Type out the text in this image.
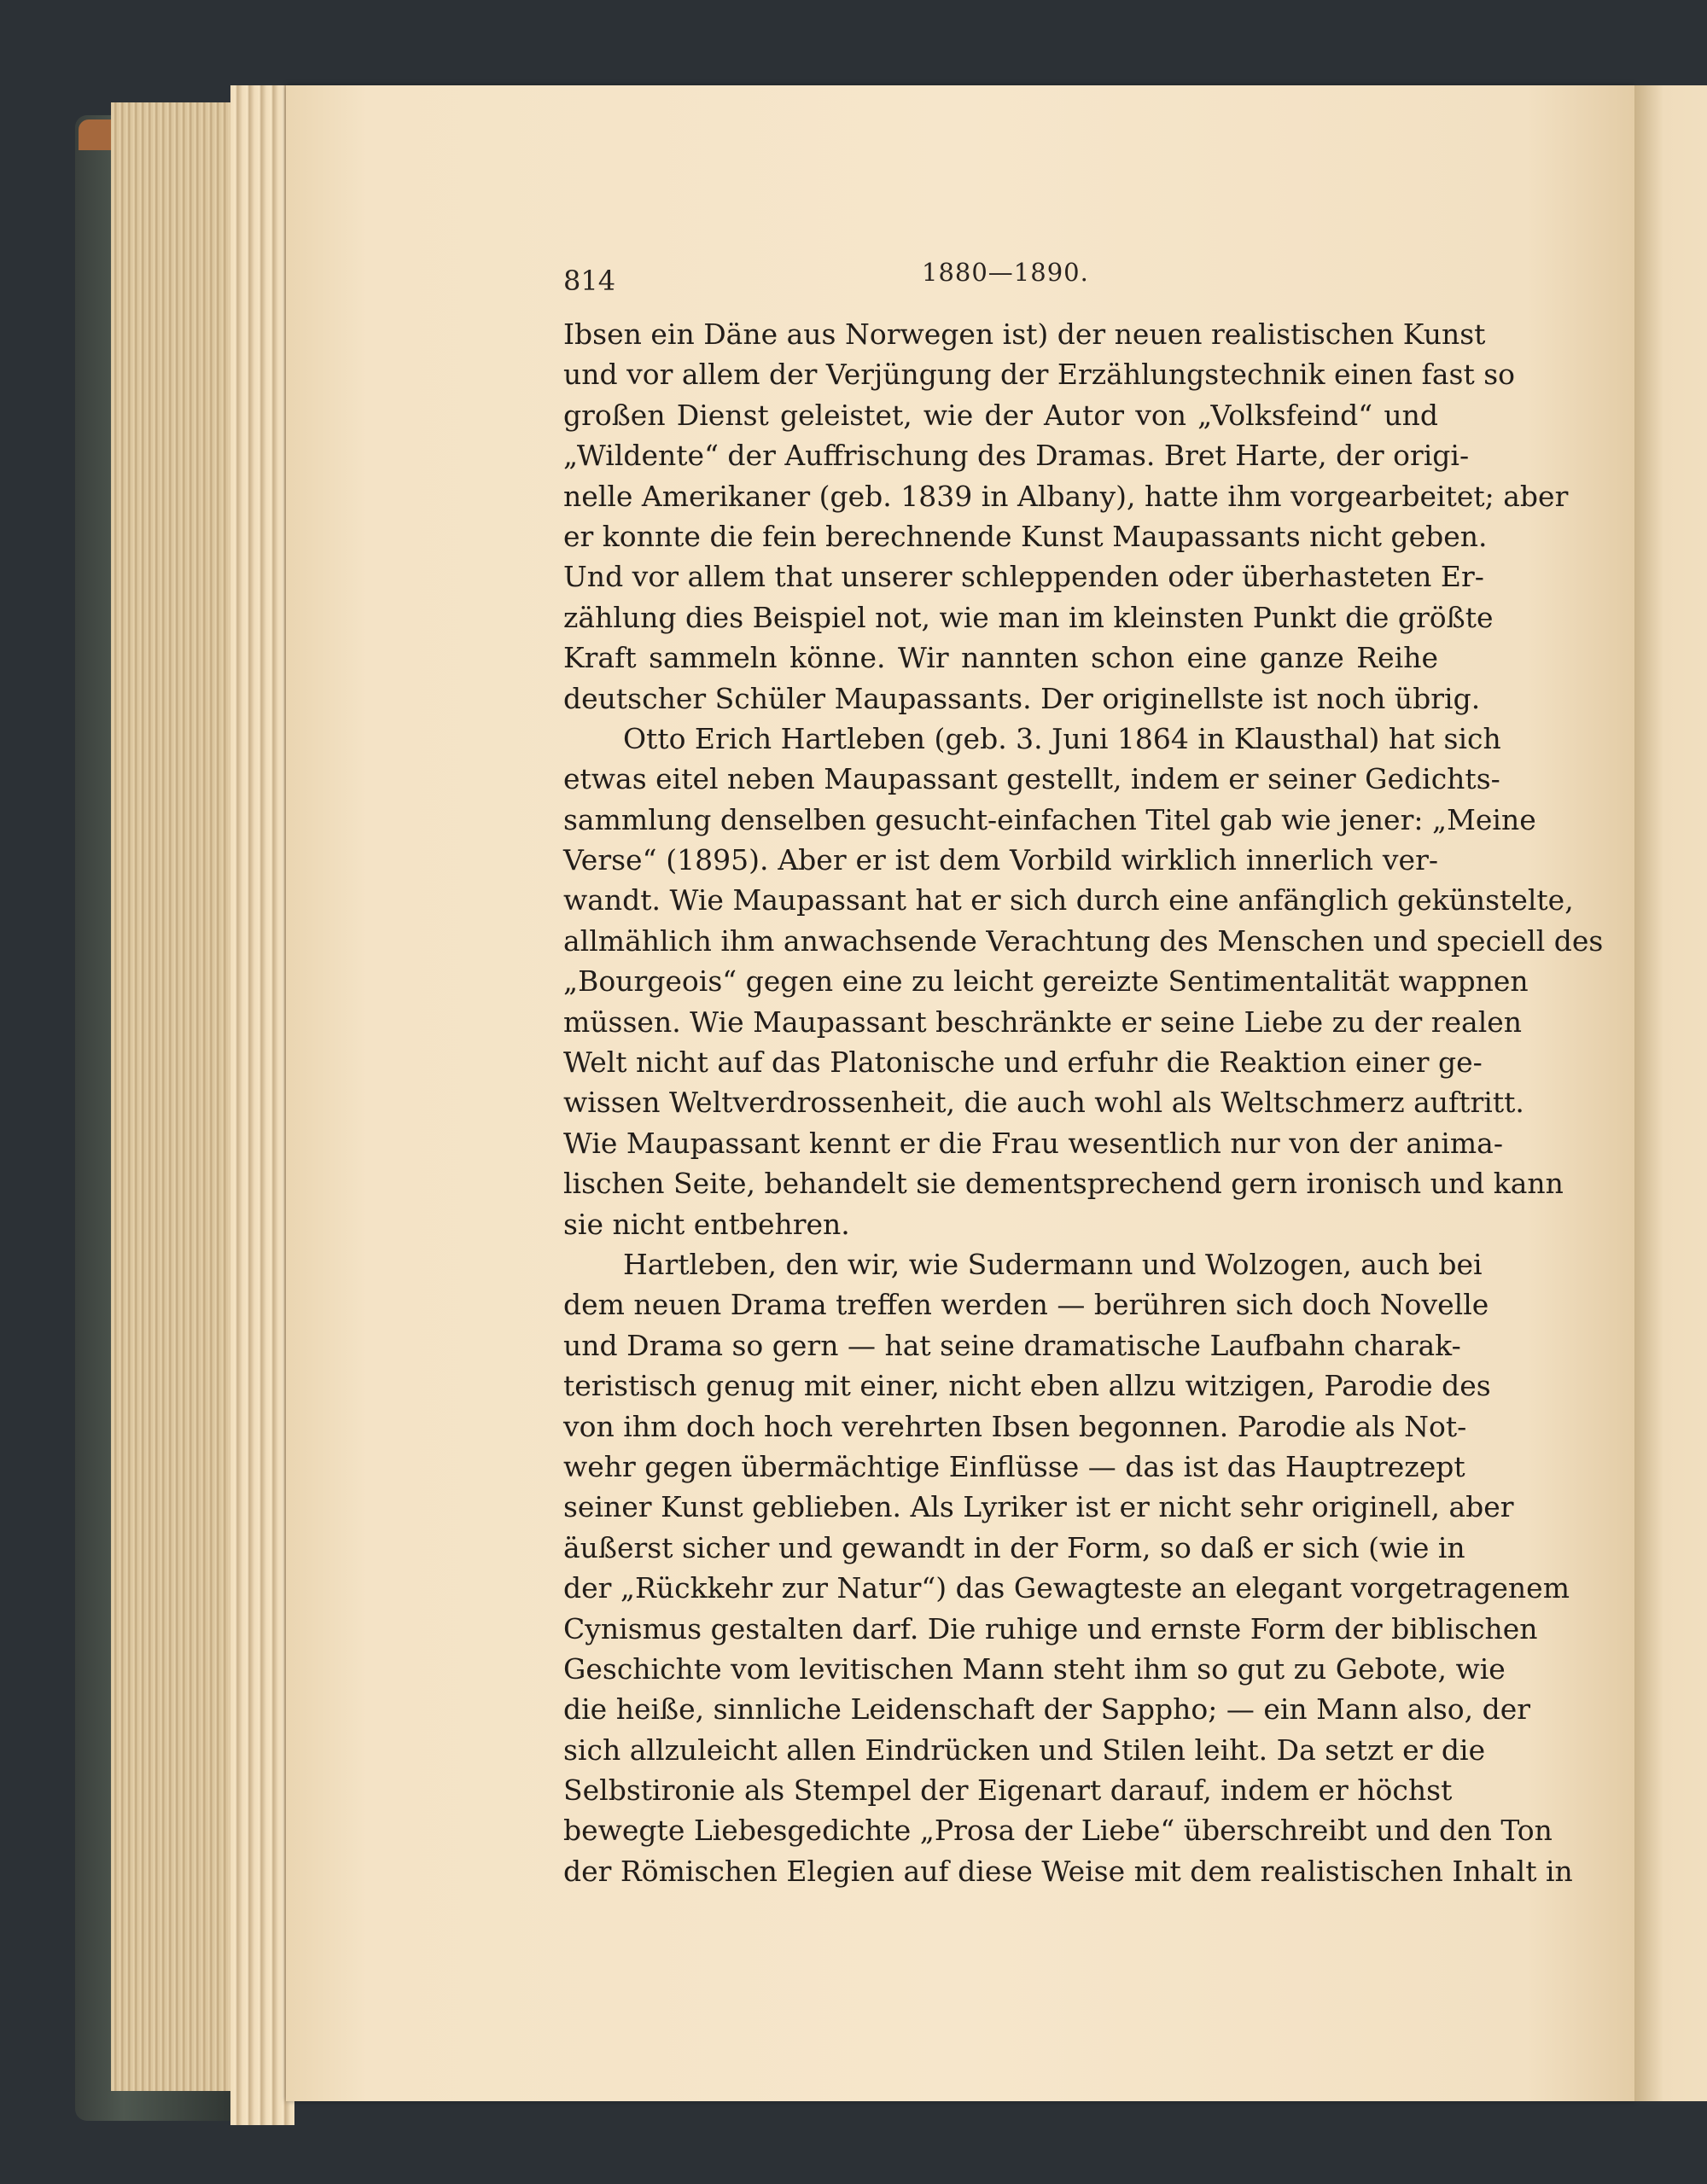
814	1880—1890.
Ibsen ein Däne aus Norwegen ist) der neuen realistischen Kunst
und vor allem der Verjüngung der Erzählungstechnik einen fast so
großen Dienst geleistet, wie der Autor von „Volksfeind“ und
„Wildente“ der Auffrischung des Dramas. Bret Harte, der origi-
nelle Amerikaner (geb. 1839 in Albany), hatte ihm vorgearbeitet; aber
er konnte die fein berechnende Kunst Maupassants nicht geben.
Und vor allem that unserer schleppenden oder überhasteten Er-
zählung dies Beispiel not, wie man im kleinsten Punkt die größte
Kraft sammeln könne. Wir nannten schon eine ganze Reihe
deutscher Schüler Maupassants. Der originellste ist noch übrig.
Otto Erich Hartleben (geb. 3. Juni 1864 in Klausthal) hat sich
etwas eitel neben Maupassant gestellt, indem er seiner Gedichts-
sammlung denselben gesucht-einfachen Titel gab wie jener: „Meine
Verse“ (1895). Aber er ist dem Vorbild wirklich innerlich ver-
wandt. Wie Maupassant hat er sich durch eine anfänglich gekünstelte,
allmählich ihm anwachsende Verachtung des Menschen und speciell des
„Bourgeois“ gegen eine zu leicht gereizte Sentimentalität wappnen
müssen. Wie Maupassant beschränkte er seine Liebe zu der realen
Welt nicht auf das Platonische und erfuhr die Reaktion einer ge-
wissen Weltverdrossenheit, die auch wohl als Weltschmerz auftritt.
Wie Maupassant kennt er die Frau wesentlich nur von der anima-
lischen Seite, behandelt sie dementsprechend gern ironisch und kann
sie nicht entbehren.
Hartleben, den wir, wie Sudermann und Wolzogen, auch bei
dem neuen Drama treffen werden — berühren sich doch Novelle
und Drama so gern — hat seine dramatische Laufbahn charak-
teristisch genug mit einer, nicht eben allzu witzigen, Parodie des
von ihm doch hoch verehrten Ibsen begonnen. Parodie als Not-
wehr gegen übermächtige Einflüsse — das ist das Hauptrezept
seiner Kunst geblieben. Als Lyriker ist er nicht sehr originell, aber
äußerst sicher und gewandt in der Form, so daß er sich (wie in
der „Rückkehr zur Natur“) das Gewagteste an elegant vorgetragenem
Cynismus gestalten darf. Die ruhige und ernste Form der biblischen
Geschichte vom levitischen Mann steht ihm so gut zu Gebote, wie
die heiße, sinnliche Leidenschaft der Sappho; — ein Mann also, der
sich allzuleicht allen Eindrücken und Stilen leiht. Da setzt er die
Selbstironie als Stempel der Eigenart darauf, indem er höchst
bewegte Liebesgedichte „Prosa der Liebe“ überschreibt und den Ton
der Römischen Elegien auf diese Weise mit dem realistischen Inhalt in
